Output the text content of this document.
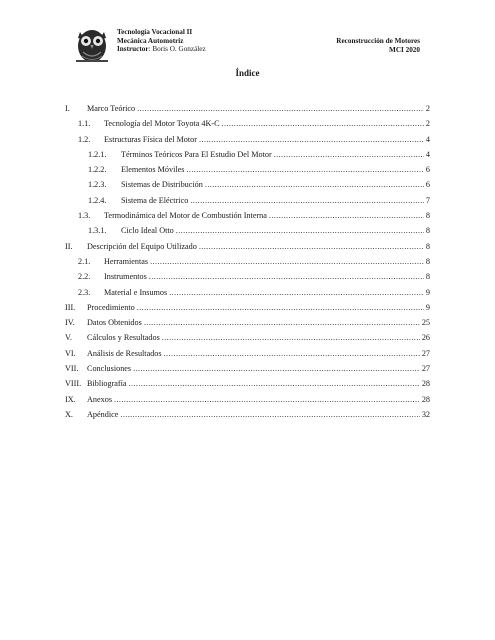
Tecnología Vocacional II
Mecánica Automotriz
Instructor: Boris O. González
Reconstrucción de Motores
MCI 2020
Índice
I.	Marco Teórico .....	2
1.1.	Tecnología del Motor Toyota 4K-C .....	2
1.2.	Estructuras Física del Motor .....	4
1.2.1.	Términos Teóricos Para El Estudio Del Motor .....	4
1.2.2.	Elementos Móviles .....	6
1.2.3.	Sistemas de Distribución .....	6
1.2.4.	Sistema de Eléctrico .....	7
1.3.	Termodinámica del Motor de Combustión Interna .....	8
1.3.1.	Ciclo Ideal Otto .....	8
II.	Descripción del Equipo Utilizado .....	8
2.1.	Herramientas .....	8
2.2.	Instrumentos .....	8
2.3.	Material e Insumos .....	9
III.	Procedimiento .....	9
IV.	Datos Obtenidos .....	25
V.	Cálculos y Resultados .....	26
VI.	Análisis de Resultados .....	27
VII.	Conclusiones .....	27
VIII. Bibliografía .....	28
IX.	Anexos .....	28
X.	Apéndice .....	32
